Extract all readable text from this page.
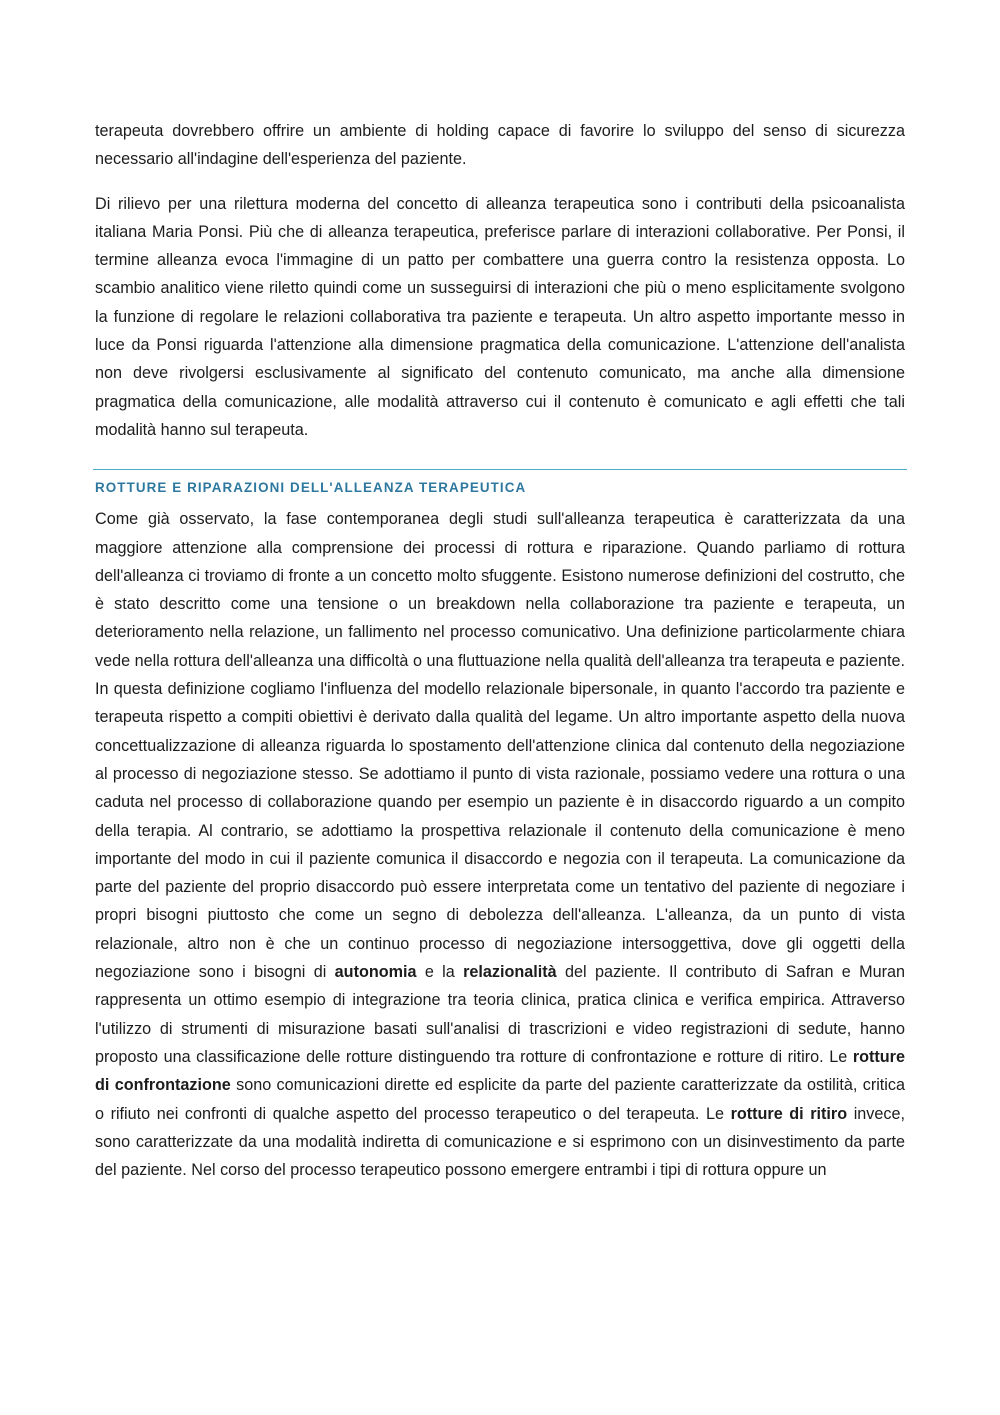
terapeuta dovrebbero offrire un ambiente di holding capace di favorire lo sviluppo del senso di sicurezza necessario all'indagine dell'esperienza del paziente.

Di rilievo per una rilettura moderna del concetto di alleanza terapeutica sono i contributi della psicoanalista italiana Maria Ponsi. Più che di alleanza terapeutica, preferisce parlare di interazioni collaborative. Per Ponsi, il termine alleanza evoca l'immagine di un patto per combattere una guerra contro la resistenza opposta. Lo scambio analitico viene riletto quindi come un susseguirsi di interazioni che più o meno esplicitamente svolgono la funzione di regolare le relazioni collaborativa tra paziente e terapeuta. Un altro aspetto importante messo in luce da Ponsi riguarda l'attenzione alla dimensione pragmatica della comunicazione. L'attenzione dell'analista non deve rivolgersi esclusivamente al significato del contenuto comunicato, ma anche alla dimensione pragmatica della comunicazione, alle modalità attraverso cui il contenuto è comunicato e agli effetti che tali modalità hanno sul terapeuta.

ROTTURE E RIPARAZIONI DELL'ALLEANZA TERAPEUTICA

Come già osservato, la fase contemporanea degli studi sull'alleanza terapeutica è caratterizzata da una maggiore attenzione alla comprensione dei processi di rottura e riparazione. Quando parliamo di rottura dell'alleanza ci troviamo di fronte a un concetto molto sfuggente. Esistono numerose definizioni del costrutto, che è stato descritto come una tensione o un breakdown nella collaborazione tra paziente e terapeuta, un deterioramento nella relazione, un fallimento nel processo comunicativo. Una definizione particolarmente chiara vede nella rottura dell'alleanza una difficoltà o una fluttuazione nella qualità dell'alleanza tra terapeuta e paziente. In questa definizione cogliamo l'influenza del modello relazionale bipersonale, in quanto l'accordo tra paziente e terapeuta rispetto a compiti obiettivi è derivato dalla qualità del legame. Un altro importante aspetto della nuova concettualizzazione di alleanza riguarda lo spostamento dell'attenzione clinica dal contenuto della negoziazione al processo di negoziazione stesso. Se adottiamo il punto di vista razionale, possiamo vedere una rottura o una caduta nel processo di collaborazione quando per esempio un paziente è in disaccordo riguardo a un compito della terapia. Al contrario, se adottiamo la prospettiva relazionale il contenuto della comunicazione è meno importante del modo in cui il paziente comunica il disaccordo e negozia con il terapeuta. La comunicazione da parte del paziente del proprio disaccordo può essere interpretata come un tentativo del paziente di negoziare i propri bisogni piuttosto che come un segno di debolezza dell'alleanza. L'alleanza, da un punto di vista relazionale, altro non è che un continuo processo di negoziazione intersoggettiva, dove gli oggetti della negoziazione sono i bisogni di autonomia e la relazionalità del paziente. Il contributo di Safran e Muran rappresenta un ottimo esempio di integrazione tra teoria clinica, pratica clinica e verifica empirica. Attraverso l'utilizzo di strumenti di misurazione basati sull'analisi di trascrizioni e video registrazioni di sedute, hanno proposto una classificazione delle rotture distinguendo tra rotture di confrontazione e rotture di ritiro. Le rotture di confrontazione sono comunicazioni dirette ed esplicite da parte del paziente caratterizzate da ostilità, critica o rifiuto nei confronti di qualche aspetto del processo terapeutico o del terapeuta. Le rotture di ritiro invece, sono caratterizzate da una modalità indiretta di comunicazione e si esprimono con un disinvestimento da parte del paziente. Nel corso del processo terapeutico possono emergere entrambi i tipi di rottura oppure un
